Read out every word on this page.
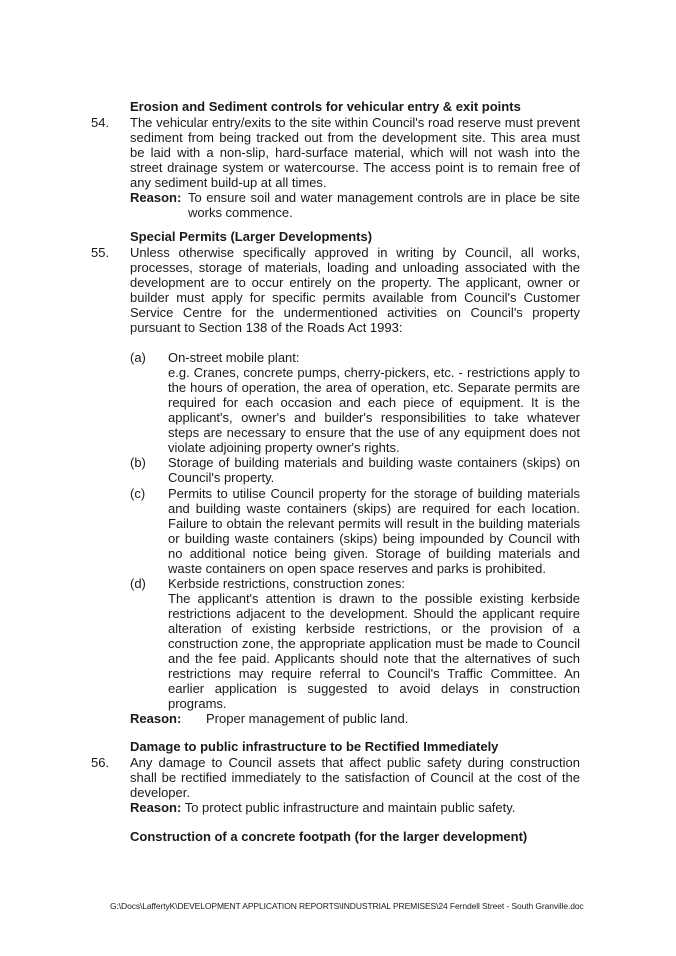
Erosion and Sediment controls for vehicular entry & exit points
54. The vehicular entry/exits to the site within Council's road reserve must prevent
sediment from being tracked out from the development site. This area must
be laid with a non-slip, hard-surface material, which will not wash into the
street drainage system or watercourse. The access point is to remain free of
any sediment build-up at all times.
Reason: To ensure soil and water management controls are in place be site
works commence.
Special Permits (Larger Developments)
55. Unless otherwise specifically approved in writing by Council, all works,
processes, storage of materials, loading and unloading associated with the
development are to occur entirely on the property. The applicant, owner or
builder must apply for specific permits available from Council's Customer
Service Centre for the undermentioned activities on Council's property
pursuant to Section 138 of the Roads Act 1993:
(a) On-street mobile plant:
e.g. Cranes, concrete pumps, cherry-pickers, etc. - restrictions apply to
the hours of operation, the area of operation, etc. Separate permits are
required for each occasion and each piece of equipment. It is the
applicant's, owner's and builder's responsibilities to take whatever
steps are necessary to ensure that the use of any equipment does not
violate adjoining property owner's rights.
(b) Storage of building materials and building waste containers (skips) on
Council's property.
(c) Permits to utilise Council property for the storage of building materials
and building waste containers (skips) are required for each location.
Failure to obtain the relevant permits will result in the building materials
or building waste containers (skips) being impounded by Council with
no additional notice being given. Storage of building materials and
waste containers on open space reserves and parks is prohibited.
(d) Kerbside restrictions, construction zones:
The applicant's attention is drawn to the possible existing kerbside
restrictions adjacent to the development. Should the applicant require
alteration of existing kerbside restrictions, or the provision of a
construction zone, the appropriate application must be made to Council
and the fee paid. Applicants should note that the alternatives of such
restrictions may require referral to Council's Traffic Committee. An
earlier application is suggested to avoid delays in construction
programs.
Reason: Proper management of public land.
Damage to public infrastructure to be Rectified Immediately
56. Any damage to Council assets that affect public safety during construction
shall be rectified immediately to the satisfaction of Council at the cost of the
developer.
Reason: To protect public infrastructure and maintain public safety.
Construction of a concrete footpath (for the larger development)
G:\Docs\LaffertyK\DEVELOPMENT APPLICATION REPORTS\INDUSTRIAL PREMISES\24 Ferndell Street - South Granville.doc
